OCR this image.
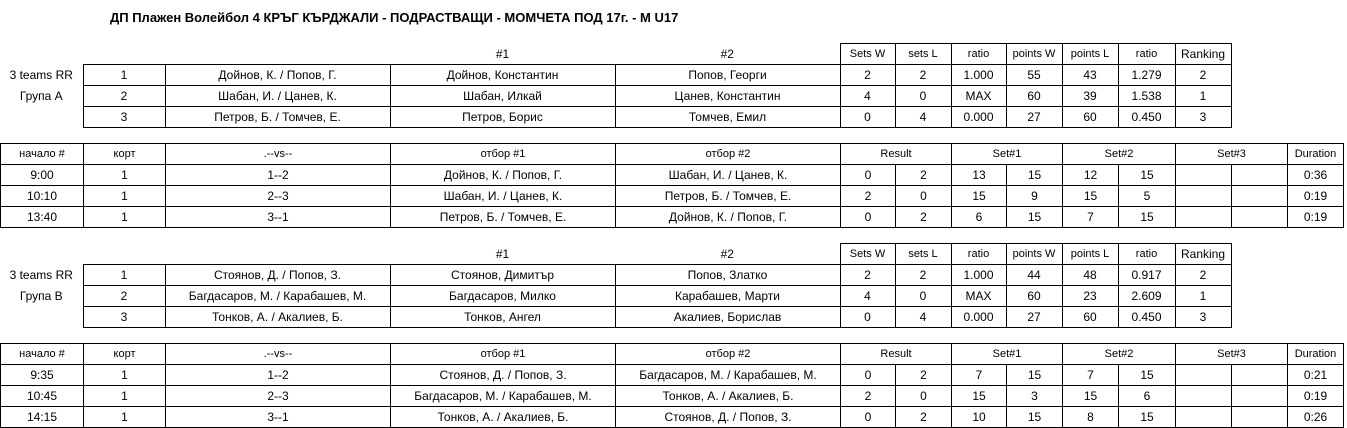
ДП Плажен Волейбол 4 КРЪГ КЪРДЖАЛИ - ПОДРАСТВАЩИ - МОМЧЕТА ПОД 17г. - М U17
			#1	#2	Sets W	sets L	ratio	points W	points L	ratio	Ranking
3 teams RR	1	Дойнов, К. / Попов, Г.	Дойнов, Константин	Попов, Георги	2	2	1.000	55	43	1.279	2
Група А	2	Шабан, И. / Цанев, К.	Шабан, Илкай	Цанев, Константин	4	0	MAX	60	39	1.538	1
	3	Петров, Б. / Томчев, Е.	Петров, Борис	Томчев, Емил	0	4	0.000	27	60	0.450	3
начало #	корт	.--vs--	отбор #1	отбор #2	Result		Set#1		Set#2		Set#3		Duration
9:00	1	1--2	Дойнов, К. / Попов, Г.	Шабан, И. / Цанев, К.	0	2	13	15	12	15			0:36
10:10	1	2--3	Шабан, И. / Цанев, К.	Петров, Б. / Томчев, Е.	2	0	15	9	15	5			0:19
13:40	1	3--1	Петров, Б. / Томчев, Е.	Дойнов, К. / Попов, Г.	0	2	6	15	7	15			0:19
			#1	#2	Sets W	sets L	ratio	points W	points L	ratio	Ranking
3 teams RR	1	Стоянов, Д. / Попов, З.	Стоянов, Димитър	Попов, Златко	2	2	1.000	44	48	0.917	2
Група B	2	Багдасаров, М. / Карабашев, М.	Багдасаров, Милко	Карабашев, Марти	4	0	MAX	60	23	2.609	1
	3	Тонков, А. / Акалиев, Б.	Тонков, Ангел	Акалиев, Борислав	0	4	0.000	27	60	0.450	3
начало #	корт	.--vs--	отбор #1	отбор #2	Result		Set#1		Set#2		Set#3		Duration
9:35	1	1--2	Стоянов, Д. / Попов, З.	Багдасаров, М. / Карабашев, М.	0	2	7	15	7	15			0:21
10:45	1	2--3	Багдасаров, М. / Карабашев, М.	Тонков, А. / Акалиев, Б.	2	0	15	3	15	6			0:19
14:15	1	3--1	Тонков, А. / Акалиев, Б.	Стоянов, Д. / Попов, З.	0	2	10	15	8	15			0:26
